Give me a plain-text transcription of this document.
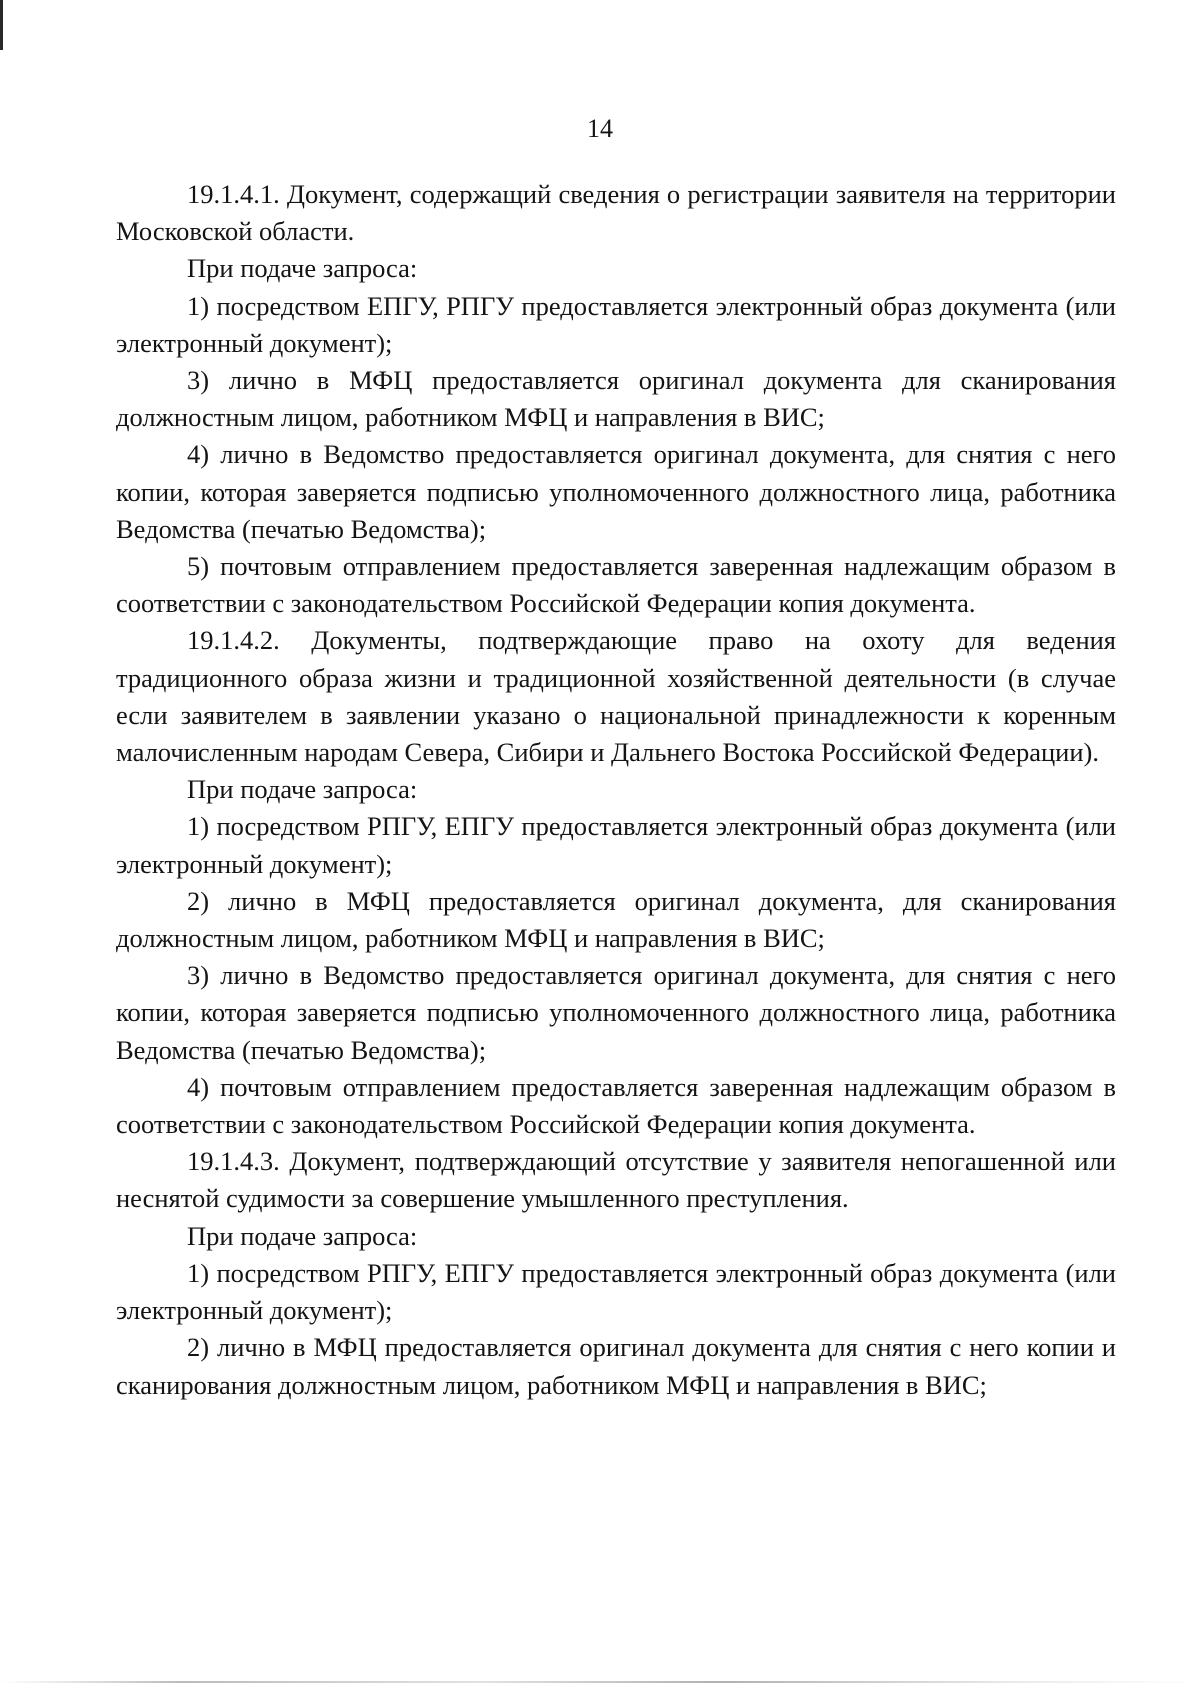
14

19.1.4.1. Документ, содержащий сведения о регистрации заявителя на территории Московской области.

При подаче запроса:

1) посредством ЕПГУ, РПГУ предоставляется электронный образ документа (или электронный документ);

3) лично в МФЦ предоставляется оригинал документа для сканирования должностным лицом, работником МФЦ и направления в ВИС;

4) лично в Ведомство предоставляется оригинал документа, для снятия с него копии, которая заверяется подписью уполномоченного должностного лица, работника Ведомства (печатью Ведомства);

5) почтовым отправлением предоставляется заверенная надлежащим образом в соответствии с законодательством Российской Федерации копия документа.

19.1.4.2. Документы, подтверждающие право на охоту для ведения традиционного образа жизни и традиционной хозяйственной деятельности (в случае если заявителем в заявлении указано о национальной принадлежности к коренным малочисленным народам Севера, Сибири и Дальнего Востока Российской Федерации).

При подаче запроса:

1) посредством РПГУ, ЕПГУ предоставляется электронный образ документа (или электронный документ);

2) лично в МФЦ предоставляется оригинал документа, для сканирования должностным лицом, работником МФЦ и направления в ВИС;

3) лично в Ведомство предоставляется оригинал документа, для снятия с него копии, которая заверяется подписью уполномоченного должностного лица, работника Ведомства (печатью Ведомства);

4) почтовым отправлением предоставляется заверенная надлежащим образом в соответствии с законодательством Российской Федерации копия документа.

19.1.4.3. Документ, подтверждающий отсутствие у заявителя непогашенной или неснятой судимости за совершение умышленного преступления.

При подаче запроса:

1) посредством РПГУ, ЕПГУ предоставляется электронный образ документа (или электронный документ);

2) лично в МФЦ предоставляется оригинал документа для снятия с него копии и сканирования должностным лицом, работником МФЦ и направления в ВИС;
